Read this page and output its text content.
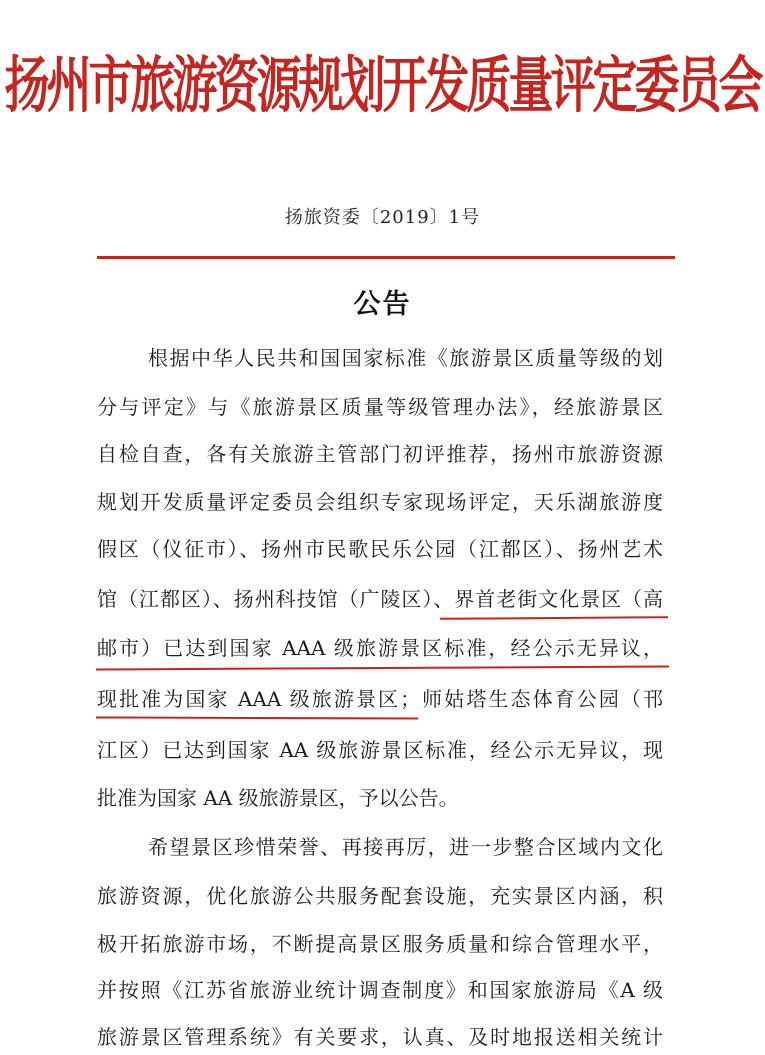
扬州市旅游资源规划开发质量评定委员会
扬旅资委〔2019〕1号
公告
根据中华人民共和国国家标准《旅游景区质量等级的划
分与评定》与《旅游景区质量等级管理办法》，经旅游景区
自检自查，各有关旅游主管部门初评推荐，扬州市旅游资源
规划开发质量评定委员会组织专家现场评定，天乐湖旅游度
假区（仪征市）、扬州市民歌民乐公园（江都区）、扬州艺术
馆（江都区）、扬州科技馆（广陵区）、界首老街文化景区（高
邮市）已达到国家 AAA 级旅游景区标准，经公示无异议，
现批准为国家 AAA 级旅游景区；师姑塔生态体育公园（邗
江区）已达到国家 AA 级旅游景区标准，经公示无异议，现
批准为国家 AA 级旅游景区，予以公告。
希望景区珍惜荣誉、再接再厉，进一步整合区域内文化
旅游资源，优化旅游公共服务配套设施，充实景区内涵，积
极开拓旅游市场，不断提高景区服务质量和综合管理水平，
并按照《江苏省旅游业统计调查制度》和国家旅游局《A 级
旅游景区管理系统》有关要求，认真、及时地报送相关统计
